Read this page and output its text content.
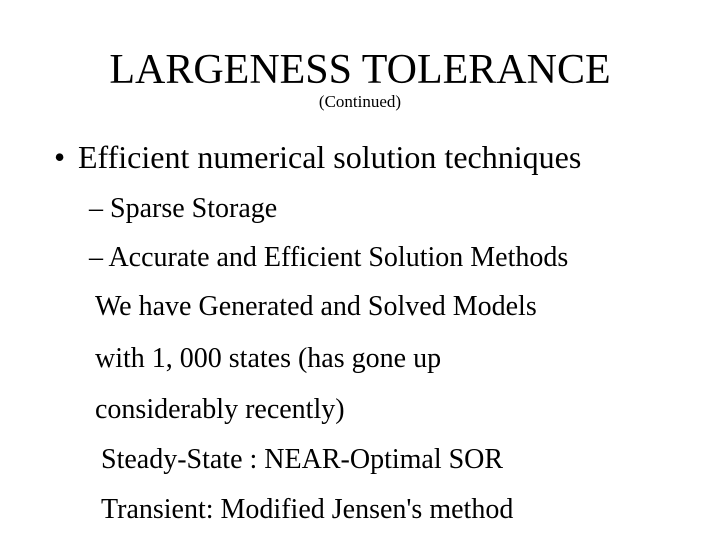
LARGENESS TOLERANCE
(Continued)
• Efficient numerical solution techniques
– Sparse Storage
– Accurate and Efficient Solution Methods
We have Generated and Solved Models
with 1, 000 states (has gone up
considerably recently)
Steady-State : NEAR-Optimal SOR
Transient: Modified Jensen's method
